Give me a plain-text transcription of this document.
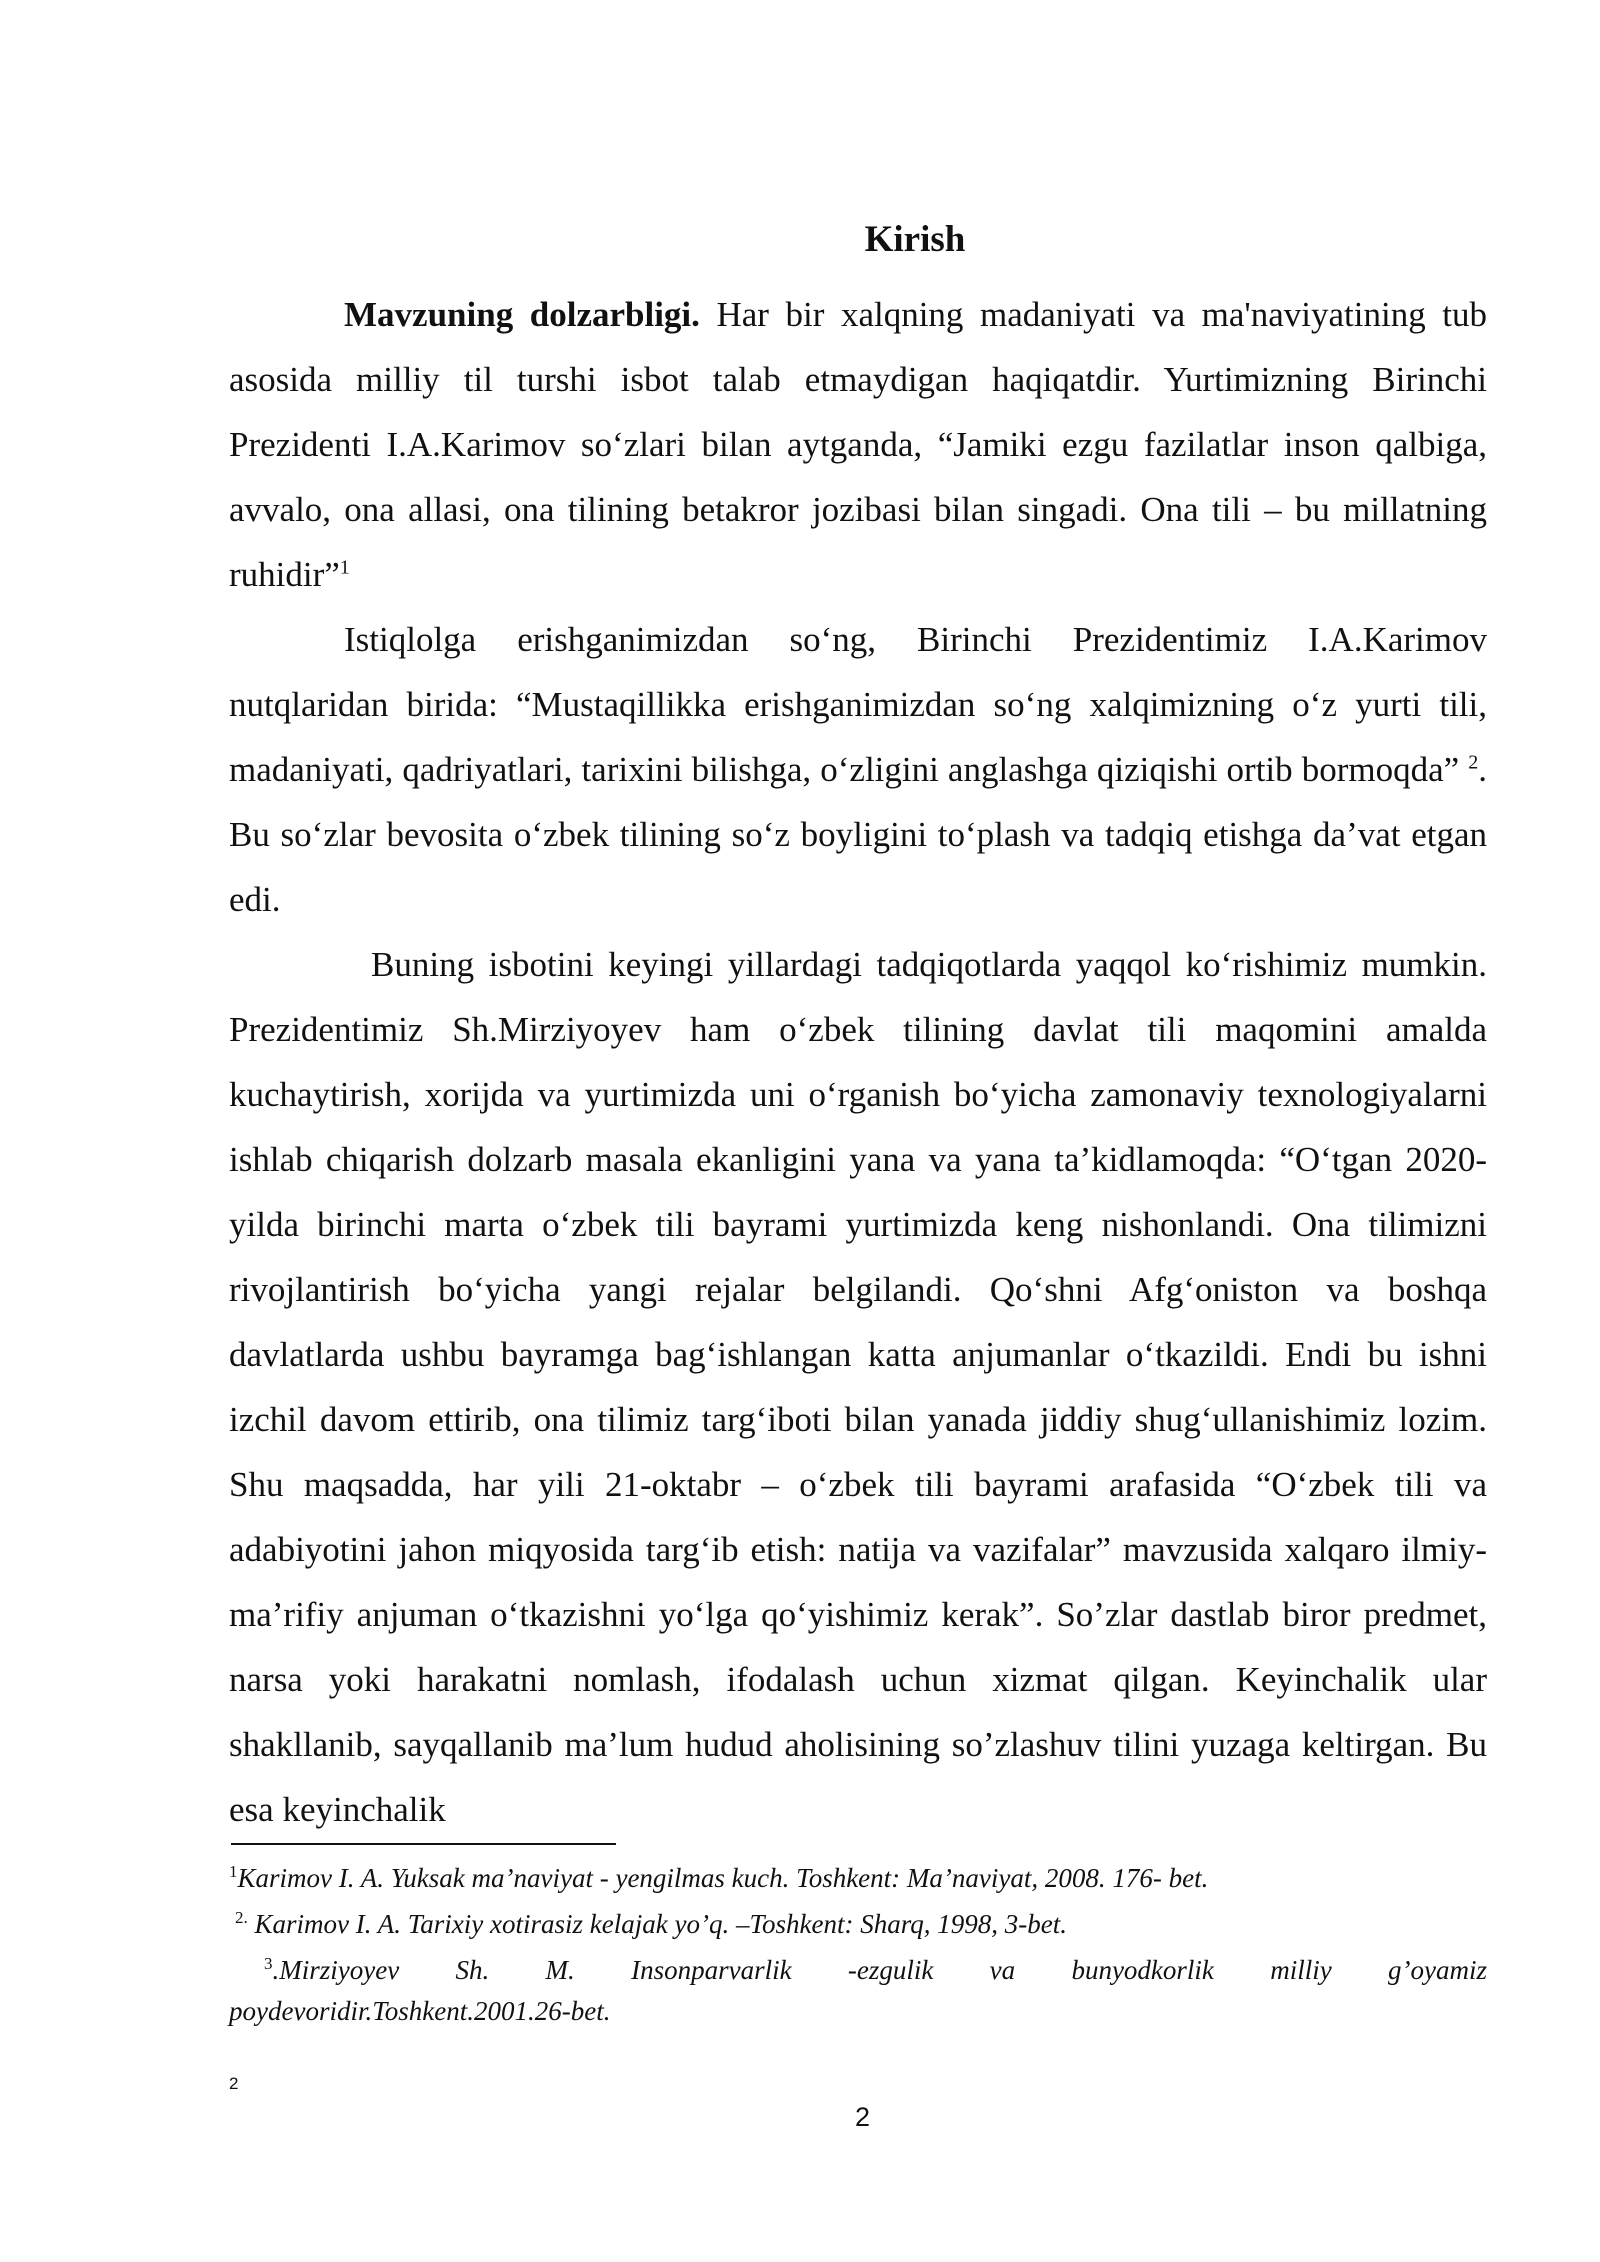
Kirish

Mavzuning dolzarbligi. Har bir xalqning madaniyati va ma'naviyatining tub asosida milliy til turshi isbot talab etmaydigan haqiqatdir. Yurtimizning Birinchi Prezidenti I.A.Karimov so‘zlari bilan aytganda, “Jamiki ezgu fazilatlar inson qalbiga, avvalo, ona allasi, ona tilining betakror jozibasi bilan singadi. Ona tili – bu millatning ruhidir”$^1$

Istiqlolga erishganimizdan so‘ng, Birinchi Prezidentimiz I.A.Karimov nutqlaridan birida: “Mustaqillikka erishganimizdan so‘ng xalqimizning o‘z yurti tili, madaniyati, qadriyatlari, tarixini bilishga, o‘zligini anglashga qiziqishi ortib bormoqda” $^2$. Bu so‘zlar bevosita o‘zbek tilining so‘z boyligini to‘plash va tadqiq etishga da’vat etgan edi.

Buning isbotini keyingi yillardagi tadqiqotlarda yaqqol ko‘rishimiz mumkin. Prezidentimiz Sh.Mirziyoyev ham o‘zbek tilining davlat tili maqomini amalda kuchaytirish, xorijda va yurtimizda uni o‘rganish bo‘yicha zamonaviy texnologiyalarni ishlab chiqarish dolzarb masala ekanligini yana va yana ta’kidlamoqda: “O‘tgan 2020-yilda birinchi marta o‘zbek tili bayrami yurtimizda keng nishonlandi. Ona tilimizni rivojlantirish bo‘yicha yangi rejalar belgilandi. Qo‘shni Afg‘oniston va boshqa davlatlarda ushbu bayramga bag‘ishlangan katta anjumanlar o‘tkazildi. Endi bu ishni izchil davom ettirib, ona tilimiz targ‘iboti bilan yanada jiddiy shug‘ullanishimiz lozim. Shu maqsadda, har yili 21-oktabr – o‘zbek tili bayrami arafasida “O‘zbek tili va adabiyotini jahon miqyosida targ‘ib etish: natija va vazifalar” mavzusida xalqaro ilmiy-ma’rifiy anjuman o‘tkazishni yo‘lga qo‘yishimiz kerak”. So’zlar dastlab biror predmet, narsa yoki harakatni nomlash, ifodalash uchun xizmat qilgan. Keyinchalik ular shakllanib, sayqallanib ma’lum hudud aholisining so’zlashuv tilini yuzaga keltirgan. Bu esa keyinchalik

$^1$Karimov I. A. Yuksak ma’naviyat - yengilmas kuch. Toshkent: Ma’naviyat, 2008. 176- bet.

$^{2.}$ Karimov I. A. Tarixiy xotirasiz kelajak yo’q. –Toshkent: Sharq, 1998, 3-bet.

$^3$.Mirziyoyev Sh. M. Insonparvarlik -ezgulik va bunyodkorlik milliy g’oyamiz

poydevoridir.Toshkent.2001.26-bet.

2
2
